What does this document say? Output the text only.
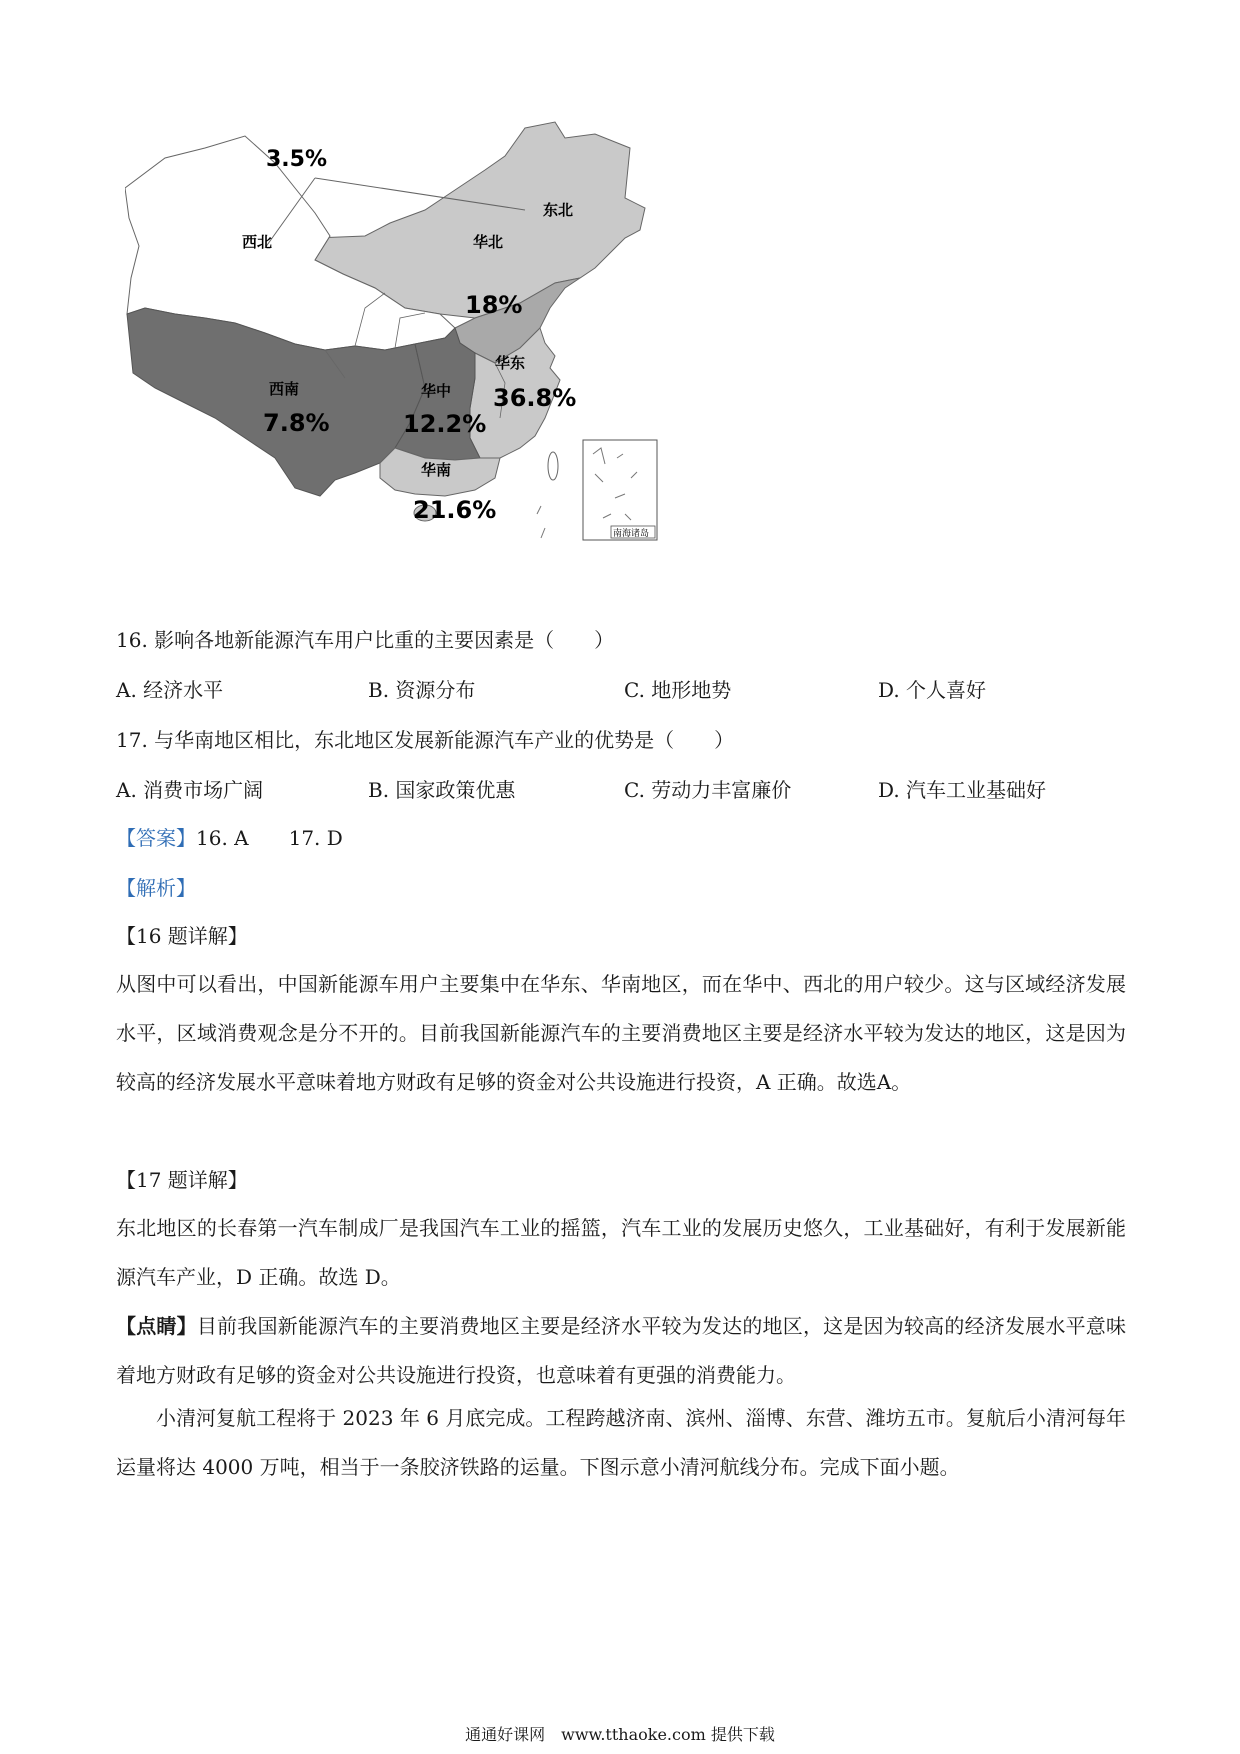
3.5%
东北
西北	华北
18%
华东
36.8%
华中
12.2%
西南
7.8%
华南
21.6%
南海诸岛
16. 影响各地新能源汽车用户比重的主要因素是（　　）
A. 经济水平	B. 资源分布	C. 地形地势	D. 个人喜好
17. 与华南地区相比，东北地区发展新能源汽车产业的优势是（　　）
A. 消费市场广阔	B. 国家政策优惠	C. 劳动力丰富廉价	D. 汽车工业基础好
【答案】16. A　　17. D
【解析】
【16 题详解】

从图中可以看出，中国新能源车用户主要集中在华东、华南地区，而在华中、西北的用户较少。这与区域经济发展水平，区域消费观念是分不开的。目前我国新能源汽车的主要消费地区主要是经济水平较为发达的地区，这是因为较高的经济发展水平意味着地方财政有足够的资金对公共设施进行投资，A 正确。故选A。

【17 题详解】

东北地区的长春第一汽车制成厂是我国汽车工业的摇篮，汽车工业的发展历史悠久，工业基础好，有利于发展新能源汽车产业，D 正确。故选 D。

【点睛】目前我国新能源汽车的主要消费地区主要是经济水平较为发达的地区，这是因为较高的经济发展水平意味着地方财政有足够的资金对公共设施进行投资，也意味着有更强的消费能力。

小清河复航工程将于 2023 年 6 月底完成。工程跨越济南、滨州、淄博、东营、潍坊五市。复航后小清河每年运量将达 4000 万吨，相当于一条胶济铁路的运量。下图示意小清河航线分布。完成下面小题。

通通好课网　www.tthaoke.com 提供下载
